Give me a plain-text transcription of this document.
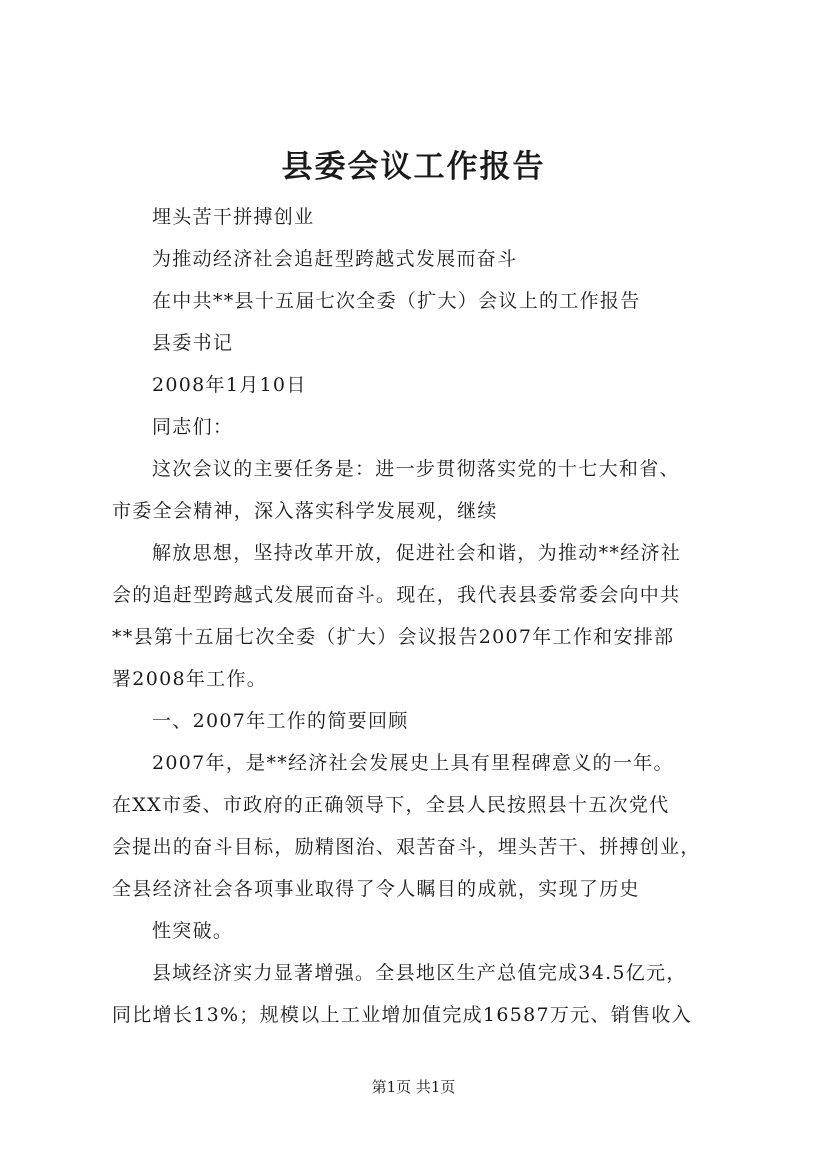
县委会议工作报告
埋头苦干拼搏创业
为推动经济社会追赶型跨越式发展而奋斗
在中共**县十五届七次全委（扩大）会议上的工作报告
县委书记
2008年1月10日
同志们：
这次会议的主要任务是：进一步贯彻落实党的十七大和省、
市委全会精神，深入落实科学发展观，继续
解放思想，坚持改革开放，促进社会和谐，为推动**经济社
会的追赶型跨越式发展而奋斗。现在，我代表县委常委会向中共
**县第十五届七次全委（扩大）会议报告2007年工作和安排部
署2008年工作。
一、2007年工作的简要回顾
2007年，是**经济社会发展史上具有里程碑意义的一年。
在XX市委、市政府的正确领导下，全县人民按照县十五次党代
会提出的奋斗目标，励精图治、艰苦奋斗，埋头苦干、拼搏创业，
全县经济社会各项事业取得了令人瞩目的成就，实现了历史
性突破。
县域经济实力显著增强。全县地区生产总值完成34.5亿元，
同比增长13%；规模以上工业增加值完成16587万元、销售收入
第1页 共1页
